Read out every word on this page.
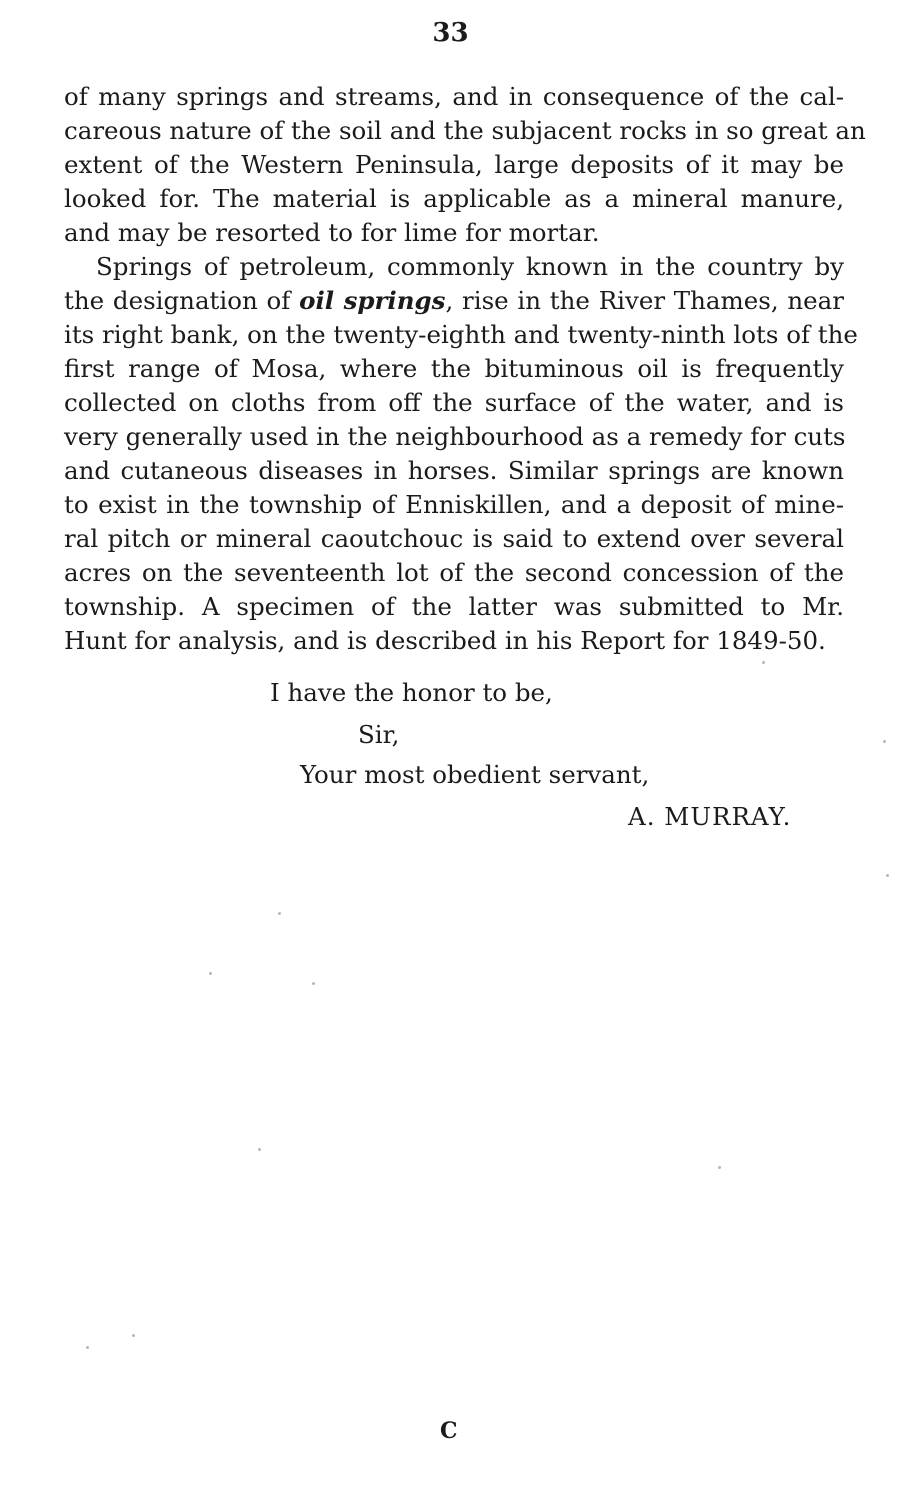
33
of many springs and streams, and in consequence of the cal-
careous nature of the soil and the subjacent rocks in so great an
extent of the Western Peninsula, large deposits of it may be
looked for. The material is applicable as a mineral manure,
and may be resorted to for lime for mortar.
Springs of petroleum, commonly known in the country by
the designation of oil springs, rise in the River Thames, near
its right bank, on the twenty-eighth and twenty-ninth lots of the
first range of Mosa, where the bituminous oil is frequently
collected on cloths from off the surface of the water, and is
very generally used in the neighbourhood as a remedy for cuts
and cutaneous diseases in horses. Similar springs are known
to exist in the township of Enniskillen, and a deposit of mine-
ral pitch or mineral caoutchouc is said to extend over several
acres on the seventeenth lot of the second concession of the
township. A specimen of the latter was submitted to Mr.
Hunt for analysis, and is described in his Report for 1849-50.
I have the honor to be,
Sir,
Your most obedient servant,
A. MURRAY.
C
